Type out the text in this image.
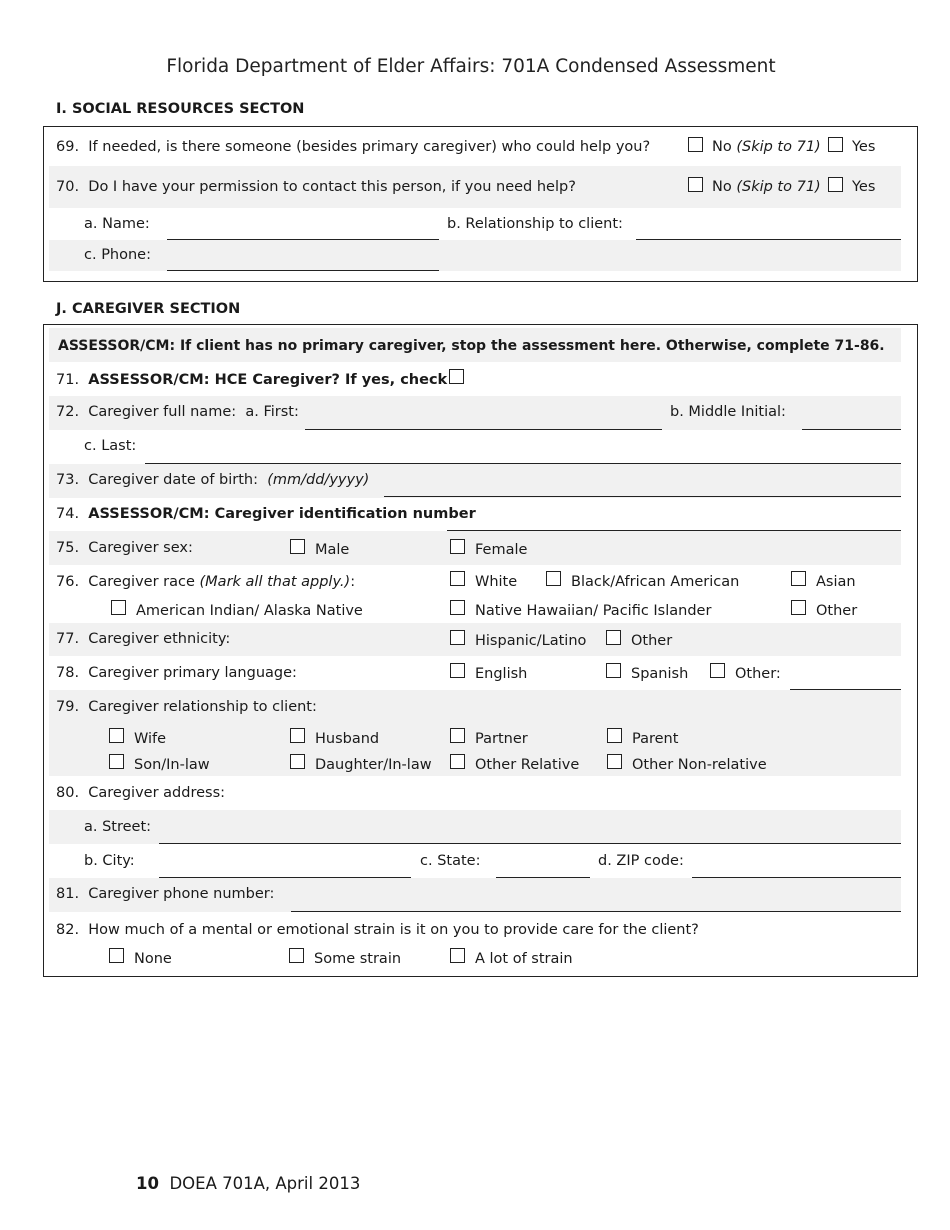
Florida Department of Elder Affairs: 701A Condensed Assessment
I. SOCIAL RESOURCES SECTON
69. If needed, is there someone (besides primary caregiver) who could help you?	No (Skip to 71) Yes
70. Do I have your permission to contact this person, if you need help?	No (Skip to 71) Yes
a. Name:	b. Relationship to client:
c. Phone:
J. CAREGIVER SECTION
ASSESSOR/CM: If client has no primary caregiver, stop the assessment here. Otherwise, complete 71-86.
71. ASSESSOR/CM: HCE Caregiver? If yes, check
72. Caregiver full name: a. First:	b. Middle Initial:
c. Last:
73. Caregiver date of birth: (mm/dd/yyyy)
74. ASSESSOR/CM: Caregiver identification number
75. Caregiver sex:	Male	Female
76. Caregiver race (Mark all that apply.):	White	Black/African American	Asian
American Indian/ Alaska Native	Native Hawaiian/ Pacific Islander	Other
77. Caregiver ethnicity:	Hispanic/Latino	Other
78. Caregiver primary language:	English	Spanish	Other:
79. Caregiver relationship to client:
Wife	Husband	Partner	Parent
Son/In-law	Daughter/In-law	Other Relative	Other Non-relative
80. Caregiver address:
a. Street:
b. City:	c. State:	d. ZIP code:
81. Caregiver phone number:
82. How much of a mental or emotional strain is it on you to provide care for the client?
None	Some strain	A lot of strain
10 DOEA 701A, April 2013
